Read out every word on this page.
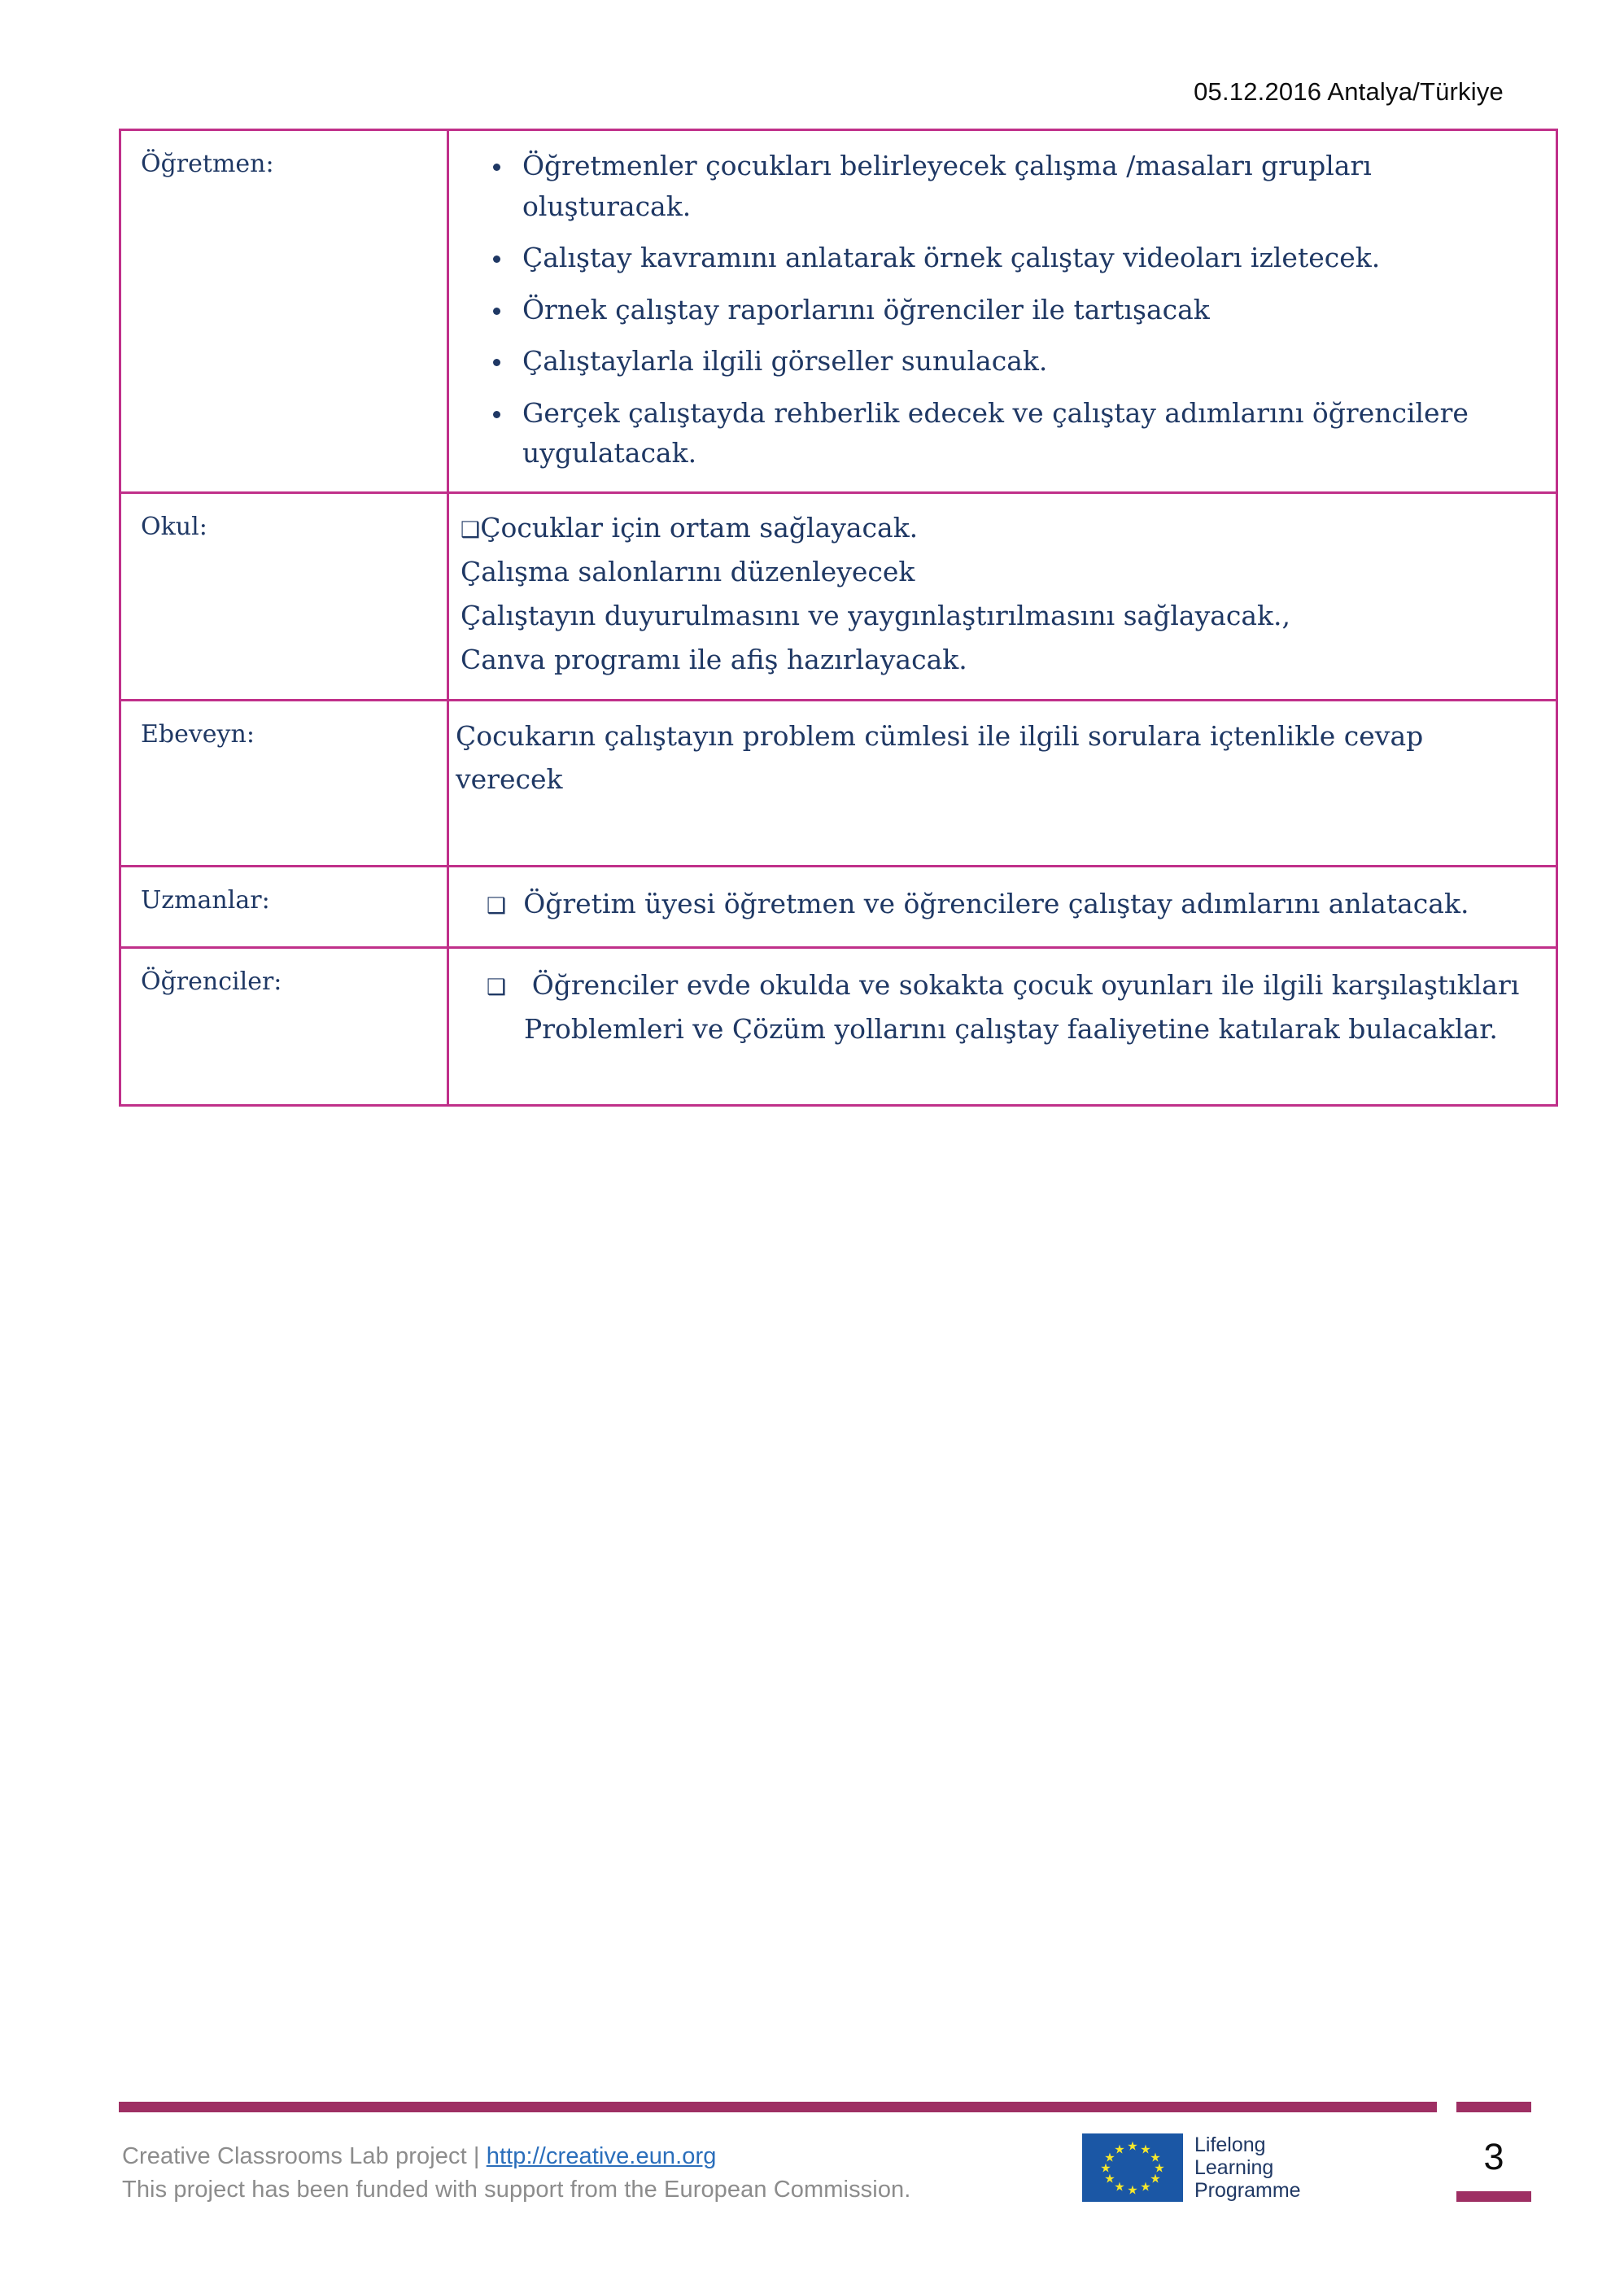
05.12.2016 Antalya/Türkiye
Öğretmen:	Öğretmenler çocukları belirleyecek çalışma /masaları grupları oluşturacak.
Çalıştay kavramını anlatarak örnek çalıştay videoları izletecek.
Örnek çalıştay raporlarını öğrenciler ile tartışacak
Çalıştaylarla ilgili görseller sunulacak.
Gerçek çalıştayda rehberlik edecek ve çalıştay adımlarını öğrencilere uygulatacak.

Okul:	❑Çocuklar için ortam sağlayacak.

Çalışma salonlarını düzenleyecek

Çalıştayın duyurulmasını ve yaygınlaştırılmasını sağlayacak.,

Canva programı ile afiş hazırlayacak.

Ebeveyn:	Çocukarın çalıştayın problem cümlesi ile ilgili sorulara içtenlikle cevap verecek

Uzmanlar:	❑ Öğretim üyesi öğretmen ve öğrencilere çalıştay adımlarını anlatacak.

Öğrenciler:	❑ Öğrenciler evde okulda ve sokakta çocuk oyunları ile ilgili karşılaştıkları Problemleri ve Çözüm yollarını çalıştay faaliyetine katılarak bulacaklar.
Creative Classrooms Lab project | http://creative.eun.org
This project has been funded with support from the European Commission.
★ ★
★
★
★
★
★
★
★
★
★
★	Lifelong
Learning
Programme
3
